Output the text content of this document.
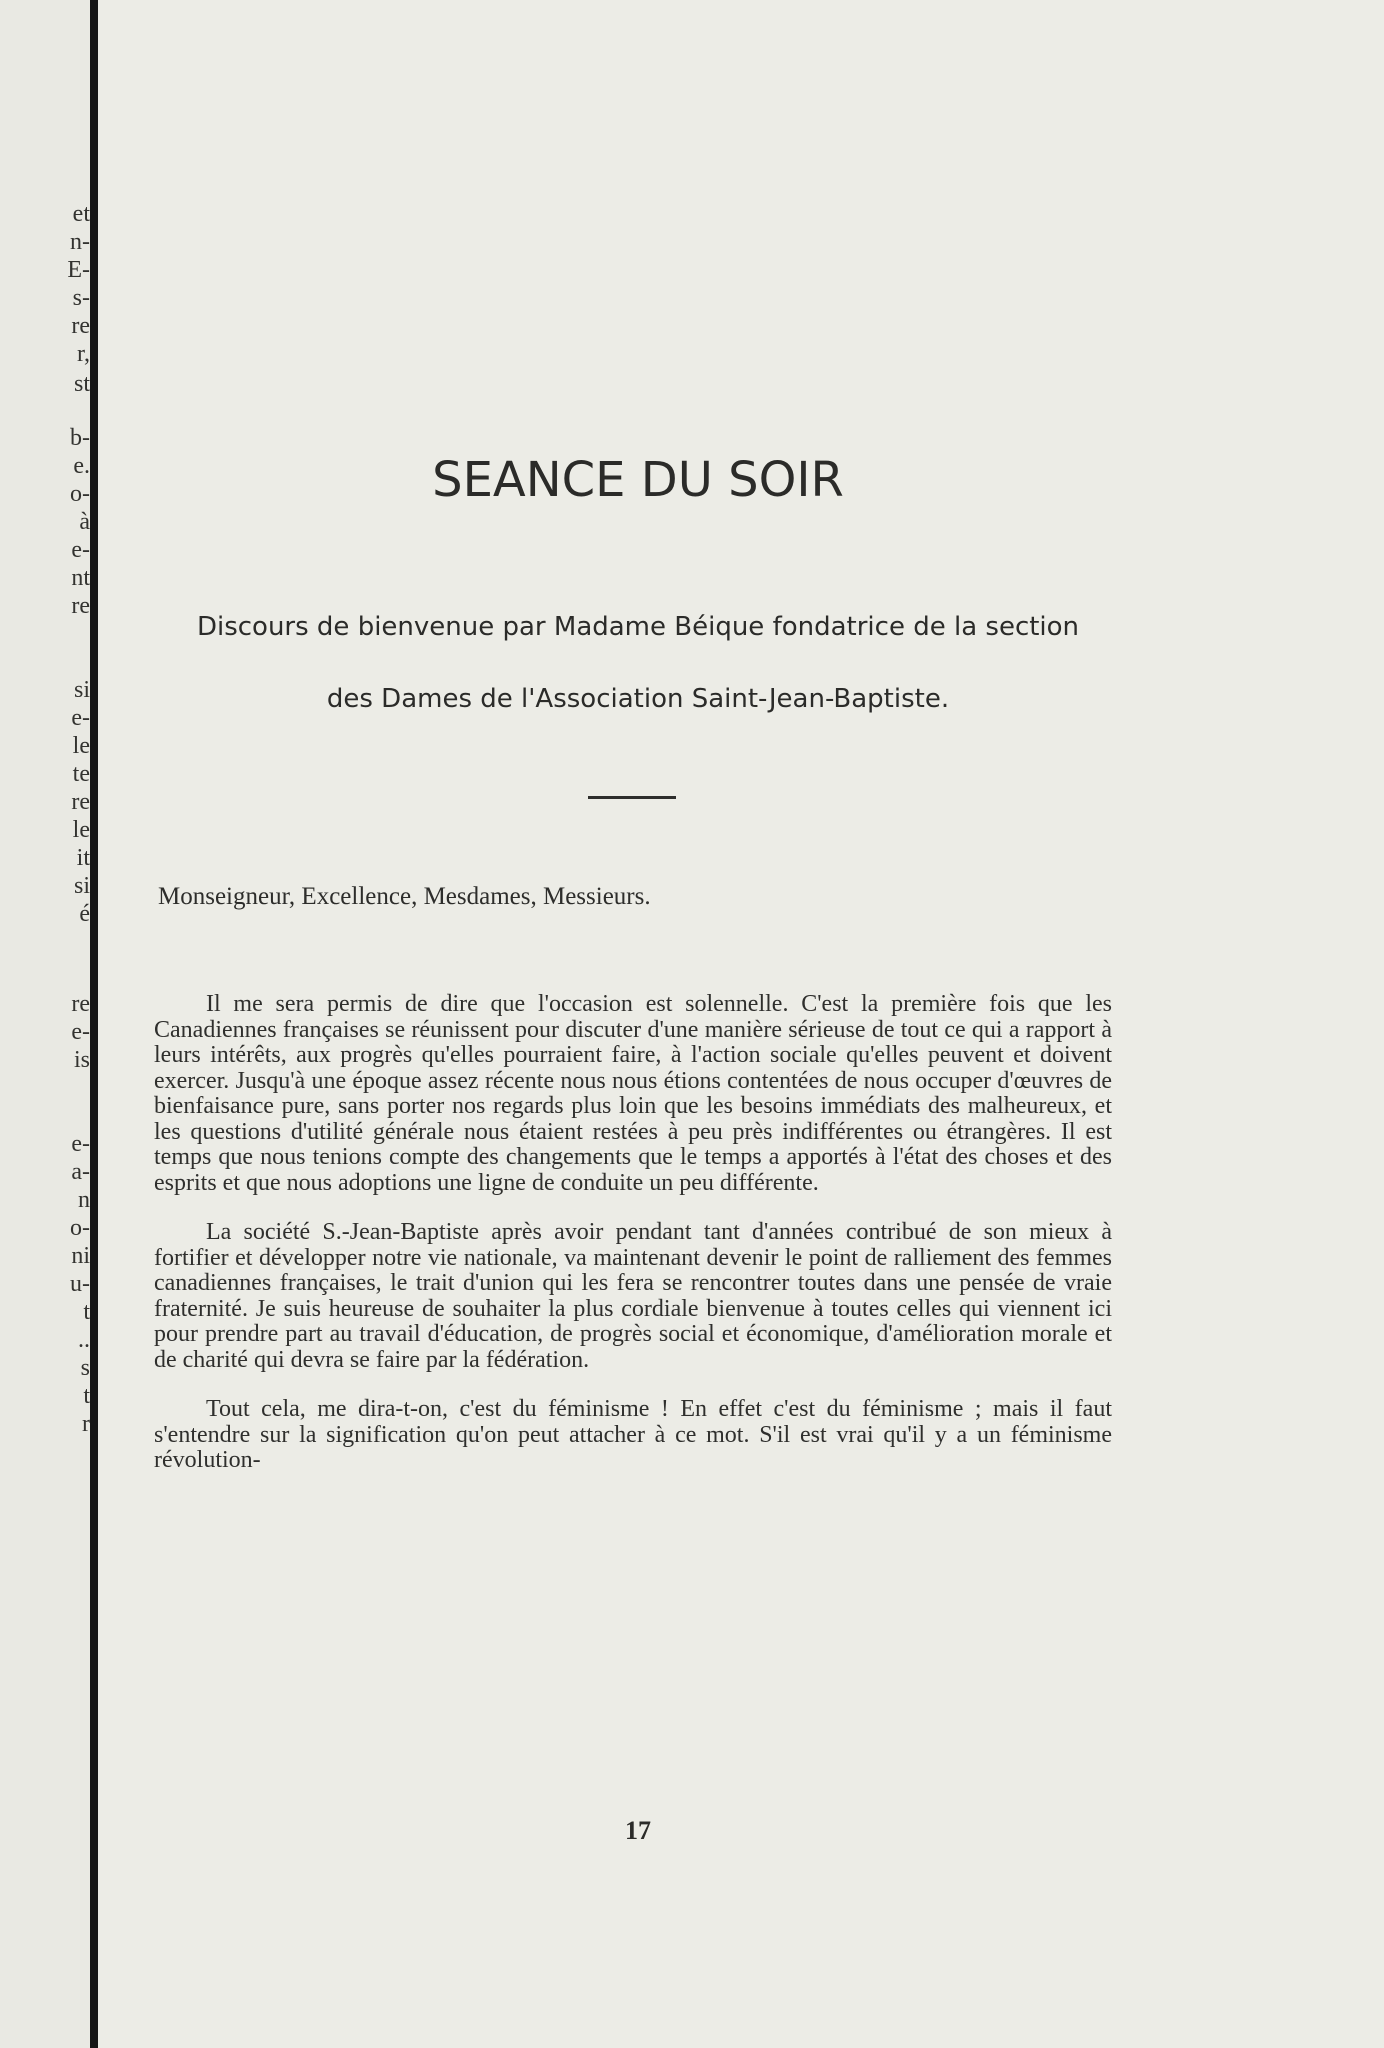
et
n-
E-
s-
re
r,
st
b-
e.
o-
à
e-
nt
re
si
e-
le
te
re
le
it
si
é
re
e-
is
e-
a-
n
o-
ni
u-
t
..
s
t
r
SEANCE DU SOIR

Discours de bienvenue par Madame Béique fondatrice de la section

des Dames de l'Association Saint-Jean-Baptiste.

Monseigneur, Excellence, Mesdames, Messieurs.

Il me sera permis de dire que l'occasion est solennelle. C'est la première fois que les Canadiennes françaises se réunissent pour discuter d'une manière sérieuse de tout ce qui a rapport à leurs intérêts, aux progrès qu'elles pourraient faire, à l'action sociale qu'elles peuvent et doivent exercer. Jusqu'à une époque assez récente nous nous étions contentées de nous occuper d'œuvres de bienfaisance pure, sans porter nos regards plus loin que les besoins immédiats des malheureux, et les questions d'utilité générale nous étaient restées à peu près indifférentes ou étrangères. Il est temps que nous tenions compte des changements que le temps a apportés à l'état des choses et des esprits et que nous adoptions une ligne de conduite un peu différente.

La société S.-Jean-Baptiste après avoir pendant tant d'années contribué de son mieux à fortifier et développer notre vie nationale, va maintenant devenir le point de ralliement des femmes canadiennes françaises, le trait d'union qui les fera se rencontrer toutes dans une pensée de vraie fraternité. Je suis heureuse de souhaiter la plus cordiale bienvenue à toutes celles qui viennent ici pour prendre part au travail d'éducation, de progrès social et économique, d'amélioration morale et de charité qui devra se faire par la fédération.

Tout cela, me dira-t-on, c'est du féminisme ! En effet c'est du féminisme ; mais il faut s'entendre sur la signification qu'on peut attacher à ce mot. S'il est vrai qu'il y a un féminisme révolution-

17
